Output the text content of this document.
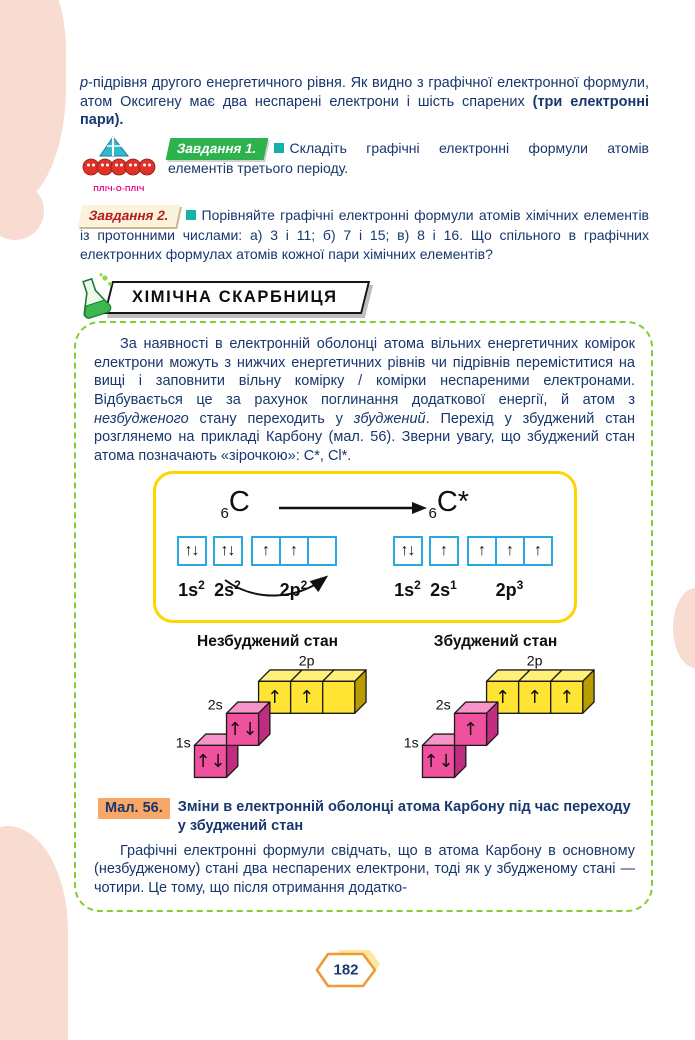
p-підрівня другого енергетичного рівня. Як видно з графічної електронної формули, атом Оксигену має два неспарені електрони і шість спарених (три електронні пари).

ПЛІЧ-О-ПЛІЧ

Завдання 1. Складіть графічні електронні формули атомів елементів третього періоду.

Завдання 2. Порівняйте графічні електронні формули атомів хімічних елементів із протонними числами: а) 3 і 11; б) 7 і 15; в) 8 і 16. Що спільного в графічних електронних формулах атомів кожної пари хімічних елементів?

ХІМІЧНА СКАРБНИЦЯ

За наявності в електронній оболонці атома вільних енергетичних комірок електрони можуть з нижчих енергетичних рівнів чи підрівнів переміститися на вищі і заповнити вільну комірку / комірки неспареними електронами. Відбувається це за рахунок поглинання додаткової енергії, й атом з незбудженого стану переходить у збуджений. Перехід у збуджений стан розглянемо на прикладі Карбону (мал. 56). Зверни увагу, що збуджений стан атома позначають «зірочкою»: C*, Cl*.

$_6$C	$_6$C*
↑↓ ↑↓ ↑ ↑	↑↓ ↑ ↑ ↑ ↑
$1s^2$ $2s^2$	$2p^2$	$1s^2$ $2s^1$	$2p^3$
Незбуджений стан
1s
2s
2p
↑↓
↑↓
↑ ↑
Збуджений стан
1s
2s
2p
↑↓
↑
↑ ↑ ↑
Мал. 56.	Зміни в електронній оболонці атома Карбону під час переходу у збуджений стан

Графічні електронні формули свідчать, що в атома Карбону в основному (незбудженому) стані два неспарених електрони, тоді як у збудженому стані — чотири. Це тому, що після отримання додатко-

182
